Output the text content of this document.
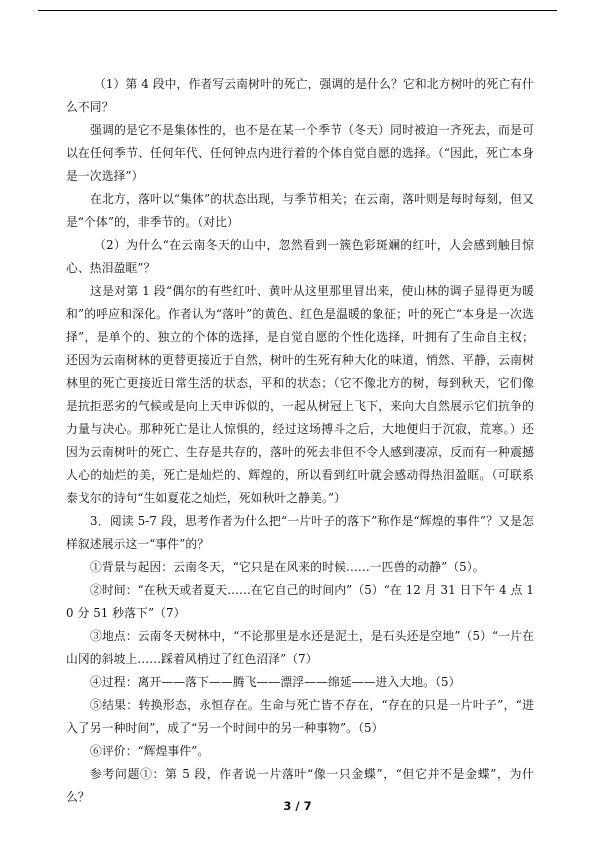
（1）第 4 段中，作者写云南树叶的死亡，强调的是什么？它和北方树叶的死亡有什么不同？

强调的是它不是集体性的，也不是在某一个季节（冬天）同时被迫一齐死去，而是可以在任何季节、任何年代、任何钟点内进行着的个体自觉自愿的选择。（“因此，死亡本身是一次选择”）

在北方，落叶以“集体”的状态出现，与季节相关；在云南，落叶则是每时每刻，但又是“个体”的，非季节的。（对比）

（2）为什么“在云南冬天的山中，忽然看到一簇色彩斑斓的红叶，人会感到触目惊心、热泪盈眶”？

这是对第 1 段“偶尔的有些红叶、黄叶从这里那里冒出来，使山林的调子显得更为暖和”的呼应和深化。作者认为“落叶”的黄色、红色是温暖的象征；叶的死亡“本身是一次选择”，是单个的、独立的个体的选择，是自觉自愿的个性化选择，叶拥有了生命自主权；还因为云南树林的更替更接近于自然，树叶的生死有种大化的味道，悄然、平静，云南树林里的死亡更接近日常生活的状态，平和的状态；（它不像北方的树，每到秋天，它们像是抗拒恶劣的气候或是向上天申诉似的，一起从树冠上飞下，来向大自然展示它们抗争的力量与决心。那种死亡是让人惊惧的，经过这场搏斗之后，大地便归于沉寂，荒寒。）还因为云南树叶的死亡、生存是共存的，落叶的死去非但不令人感到凄凉，反而有一种震撼人心的灿烂的美，死亡是灿烂的、辉煌的，所以看到红叶就会感动得热泪盈眶。（可联系泰戈尔的诗句“生如夏花之灿烂，死如秋叶之静美。”）

3．阅读 5-7 段，思考作者为什么把“一片叶子的落下”称作是“辉煌的事件”？又是怎样叙述展示这一“事件”的？

①背景与起因：云南冬天，“它只是在风来的时候……一匹兽的动静”（5）。

②时间：“在秋天或者夏天……在它自己的时间内”（5）“在 12 月 31 日下午 4 点 10 分 51 秒落下”（7）

③地点：云南冬天树林中，“不论那里是水还是泥土，是石头还是空地”（5）“一片在山冈的斜坡上……踩着风梢过了红色沼泽”（7）

④过程：离开——落下——腾飞——漂浮——绵延——进入大地。（5）

⑤结果：转换形态，永恒存在。生命与死亡皆不存在，“存在的只是一片叶子”，“进入了另一种时间”，成了“另一个时间中的另一种事物”。（5）

⑥评价：“辉煌事件”。

参考问题①：第 5 段，作者说一片落叶“像一只金蝶”，“但它并不是金蝶”，为什么？

3 / 7
